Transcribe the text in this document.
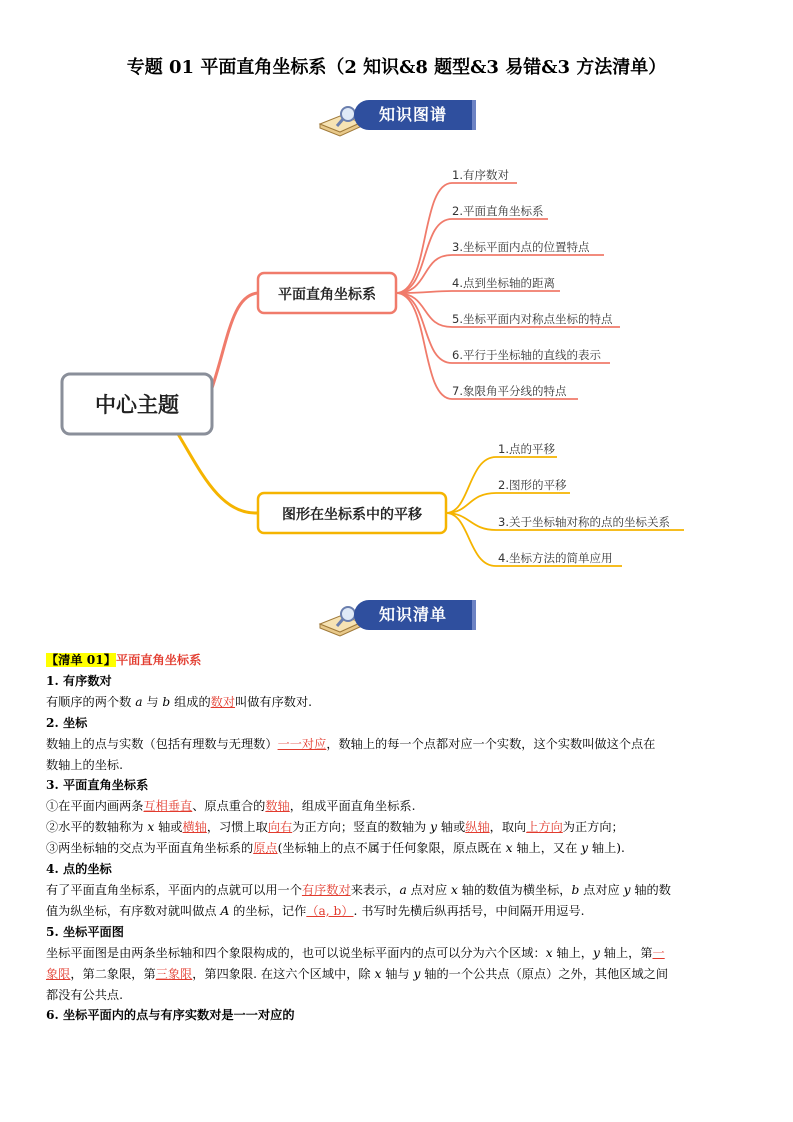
专题 01 平面直角坐标系（2 知识&8 题型&3 易错&3 方法清单）
知识图谱
中心主题
平面直角坐标系
图形在坐标系中的平移
1.有序数对
2.平面直角坐标系
3.坐标平面内点的位置特点
4.点到坐标轴的距离
5.坐标平面内对称点坐标的特点
6.平行于坐标轴的直线的表示
7.象限角平分线的特点
1.点的平移
2.图形的平移
3.关于坐标轴对称的点的坐标关系
4.坐标方法的简单应用
知识清单

【清单 01】平面直角坐标系

1. 有序数对

有顺序的两个数 a 与 b 组成的数对叫做有序数对.

2. 坐标

数轴上的点与实数（包括有理数与无理数）一一对应，数轴上的每一个点都对应一个实数，这个实数叫做这个点在
数轴上的坐标.

3. 平面直角坐标系

①在平面内画两条互相垂直、原点重合的数轴，组成平面直角坐标系.

②水平的数轴称为 x 轴或横轴，习惯上取向右为正方向；竖直的数轴为 y 轴或纵轴，取向上方向为正方向；

③两坐标轴的交点为平面直角坐标系的原点(坐标轴上的点不属于任何象限，原点既在 x 轴上，又在 y 轴上).

4. 点的坐标

有了平面直角坐标系，平面内的点就可以用一个有序数对来表示，a 点对应 x 轴的数值为横坐标，b 点对应 y 轴的数
值为纵坐标，有序数对就叫做点 A 的坐标，记作（a, b）. 书写时先横后纵再括号，中间隔开用逗号.

5. 坐标平面图

坐标平面图是由两条坐标轴和四个象限构成的，也可以说坐标平面内的点可以分为六个区域：x 轴上，y 轴上，第一
象限，第二象限，第三象限，第四象限. 在这六个区域中，除 x 轴与 y 轴的一个公共点（原点）之外，其他区域之间
都没有公共点.

6. 坐标平面内的点与有序实数对是一一对应的
